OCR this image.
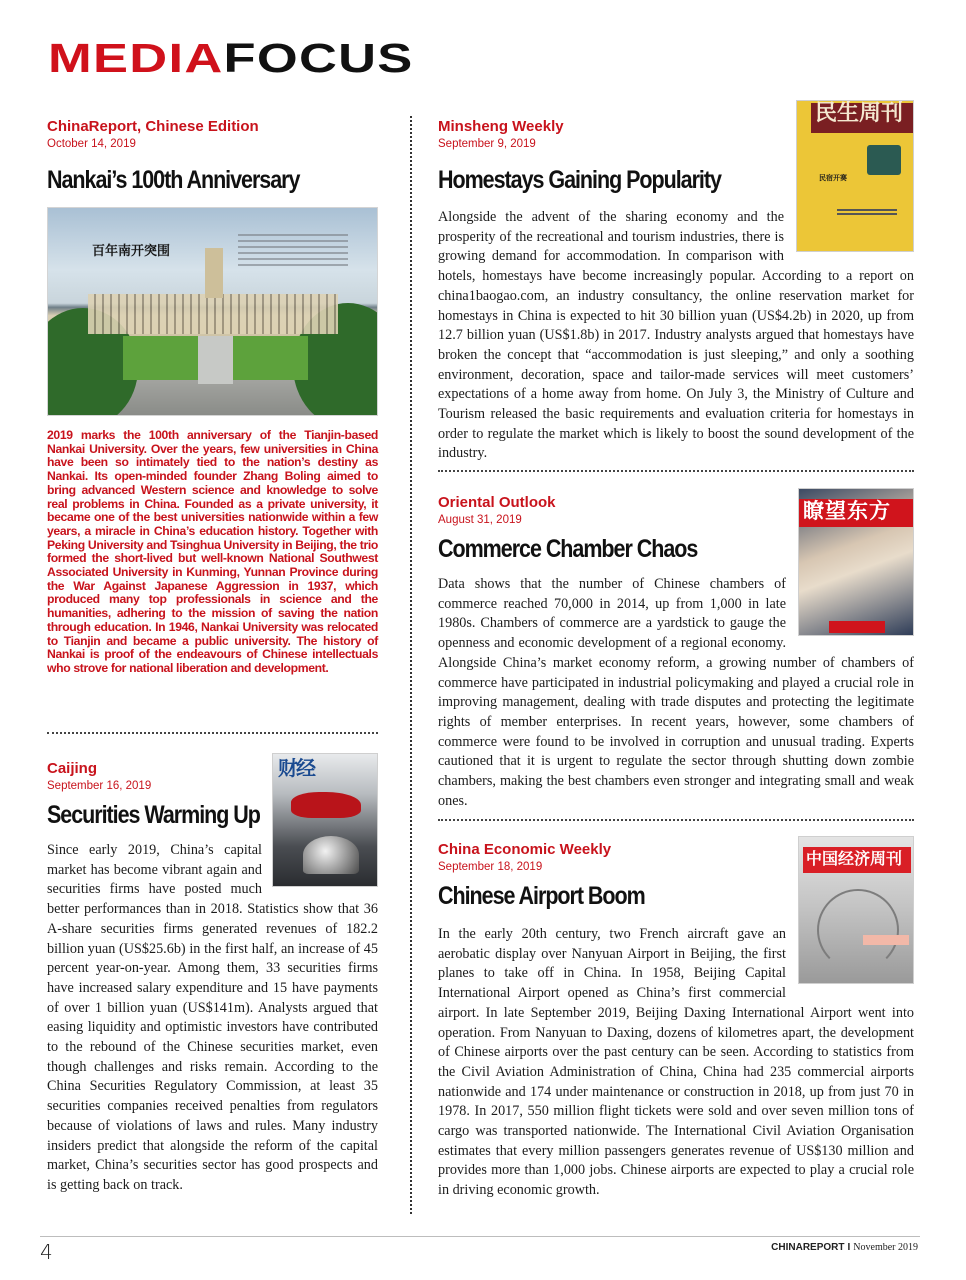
MEDIAFOCUS
ChinaReport, Chinese Edition
October 14, 2019
Nankai’s 100th Anniversary
百年南开突围
2019 marks the 100th anniversary of the Tianjin-based Nankai University. Over the years, few universities in China have been so intimately tied to the nation’s destiny as Nankai. Its open-minded founder Zhang Boling aimed to bring advanced Western science and knowledge to solve real problems in China. Founded as a private university, it became one of the best universities nationwide within a few years, a miracle in China’s education history. Together with Peking University and Tsinghua University in Beijing, the trio formed the short-lived but well-known National Southwest Associated University in Kunming, Yunnan Province during the War Against Japanese Aggression in 1937, which produced many top professionals in science and the humanities, adhering to the mission of saving the nation through education. In 1946, Nankai University was relocated to Tianjin and became a public university. The history of Nankai is proof of the endeavours of Chinese intellectuals who strove for national liberation and development.
Caijing
September 16, 2019
Securities Warming Up
财经
Since early 2019, China’s capital market has become vibrant again and securities firms have posted much better performances than in 2018. Statistics show that 36 A-share securities firms generated revenues of 182.2 billion yuan (US$25.6b) in the first half, an increase of 45 percent year-on-year. Among them, 33 securities firms have increased salary expenditure and 15 have payments of over 1 billion yuan (US$141m). Analysts argued that easing liquidity and optimistic investors have contributed to the rebound of the Chinese securities market, even though challenges and risks remain. According to the China Securities Regulatory Commission, at least 35 securities companies received penalties from regulators because of violations of laws and rules. Many industry insiders predict that alongside the reform of the capital market, China’s securities sector has good prospects and is getting back on track.
Minsheng Weekly
September 9, 2019
Homestays Gaining Popularity
民生周刊
民宿开赛
Alongside the advent of the sharing economy and the prosperity of the recreational and tourism industries, there is growing demand for accommodation. In comparison with hotels, homestays have become increasingly popular. According to a report on china1baogao.com, an industry consultancy, the online reservation market for homestays in China is expected to hit 30 billion yuan (US$4.2b) in 2020, up from 12.7 billion yuan (US$1.8b) in 2017. Industry analysts argued that homestays have broken the concept that “accommodation is just sleeping,” and only a soothing environment, decoration, space and tailor-made services will meet customers’ expectations of a home away from home. On July 3, the Ministry of Culture and Tourism released the basic requirements and evaluation criteria for homestays in order to regulate the market which is likely to boost the sound development of the industry.
Oriental Outlook
August 31, 2019
Commerce Chamber Chaos
瞭望东方
Data shows that the number of Chinese chambers of commerce reached 70,000 in 2014, up from 1,000 in late 1980s. Chambers of commerce are a yardstick to gauge the openness and economic development of a regional economy. Alongside China’s market economy reform, a growing number of chambers of commerce have participated in industrial policymaking and played a crucial role in improving management, dealing with trade disputes and protecting the legitimate rights of member enterprises. In recent years, however, some chambers of commerce were found to be involved in corruption and unusual trading. Experts cautioned that it is urgent to regulate the sector through shutting down zombie chambers, making the best chambers even stronger and integrating small and weak ones.
China Economic Weekly
September 18, 2019
Chinese Airport Boom
中国经济周刊
In the early 20th century, two French aircraft gave an aerobatic display over Nanyuan Airport in Beijing, the first planes to take off in China. In 1958, Beijing Capital International Airport opened as China’s first commercial airport. In late September 2019, Beijing Daxing International Airport went into operation. From Nanyuan to Daxing, dozens of kilometres apart, the development of Chinese airports over the past century can be seen. According to statistics from the Civil Aviation Administration of China, China had 235 commercial airports nationwide and 174 under maintenance or construction in 2018, up from just 70 in 1978. In 2017, 550 million flight tickets were sold and over seven million tons of cargo was transported nationwide. The International Civil Aviation Organisation estimates that every million passengers generates revenue of US$130 million and provides more than 1,000 jobs. Chinese airports are expected to play a crucial role in driving economic growth.
4	CHINAREPORT I November 2019
